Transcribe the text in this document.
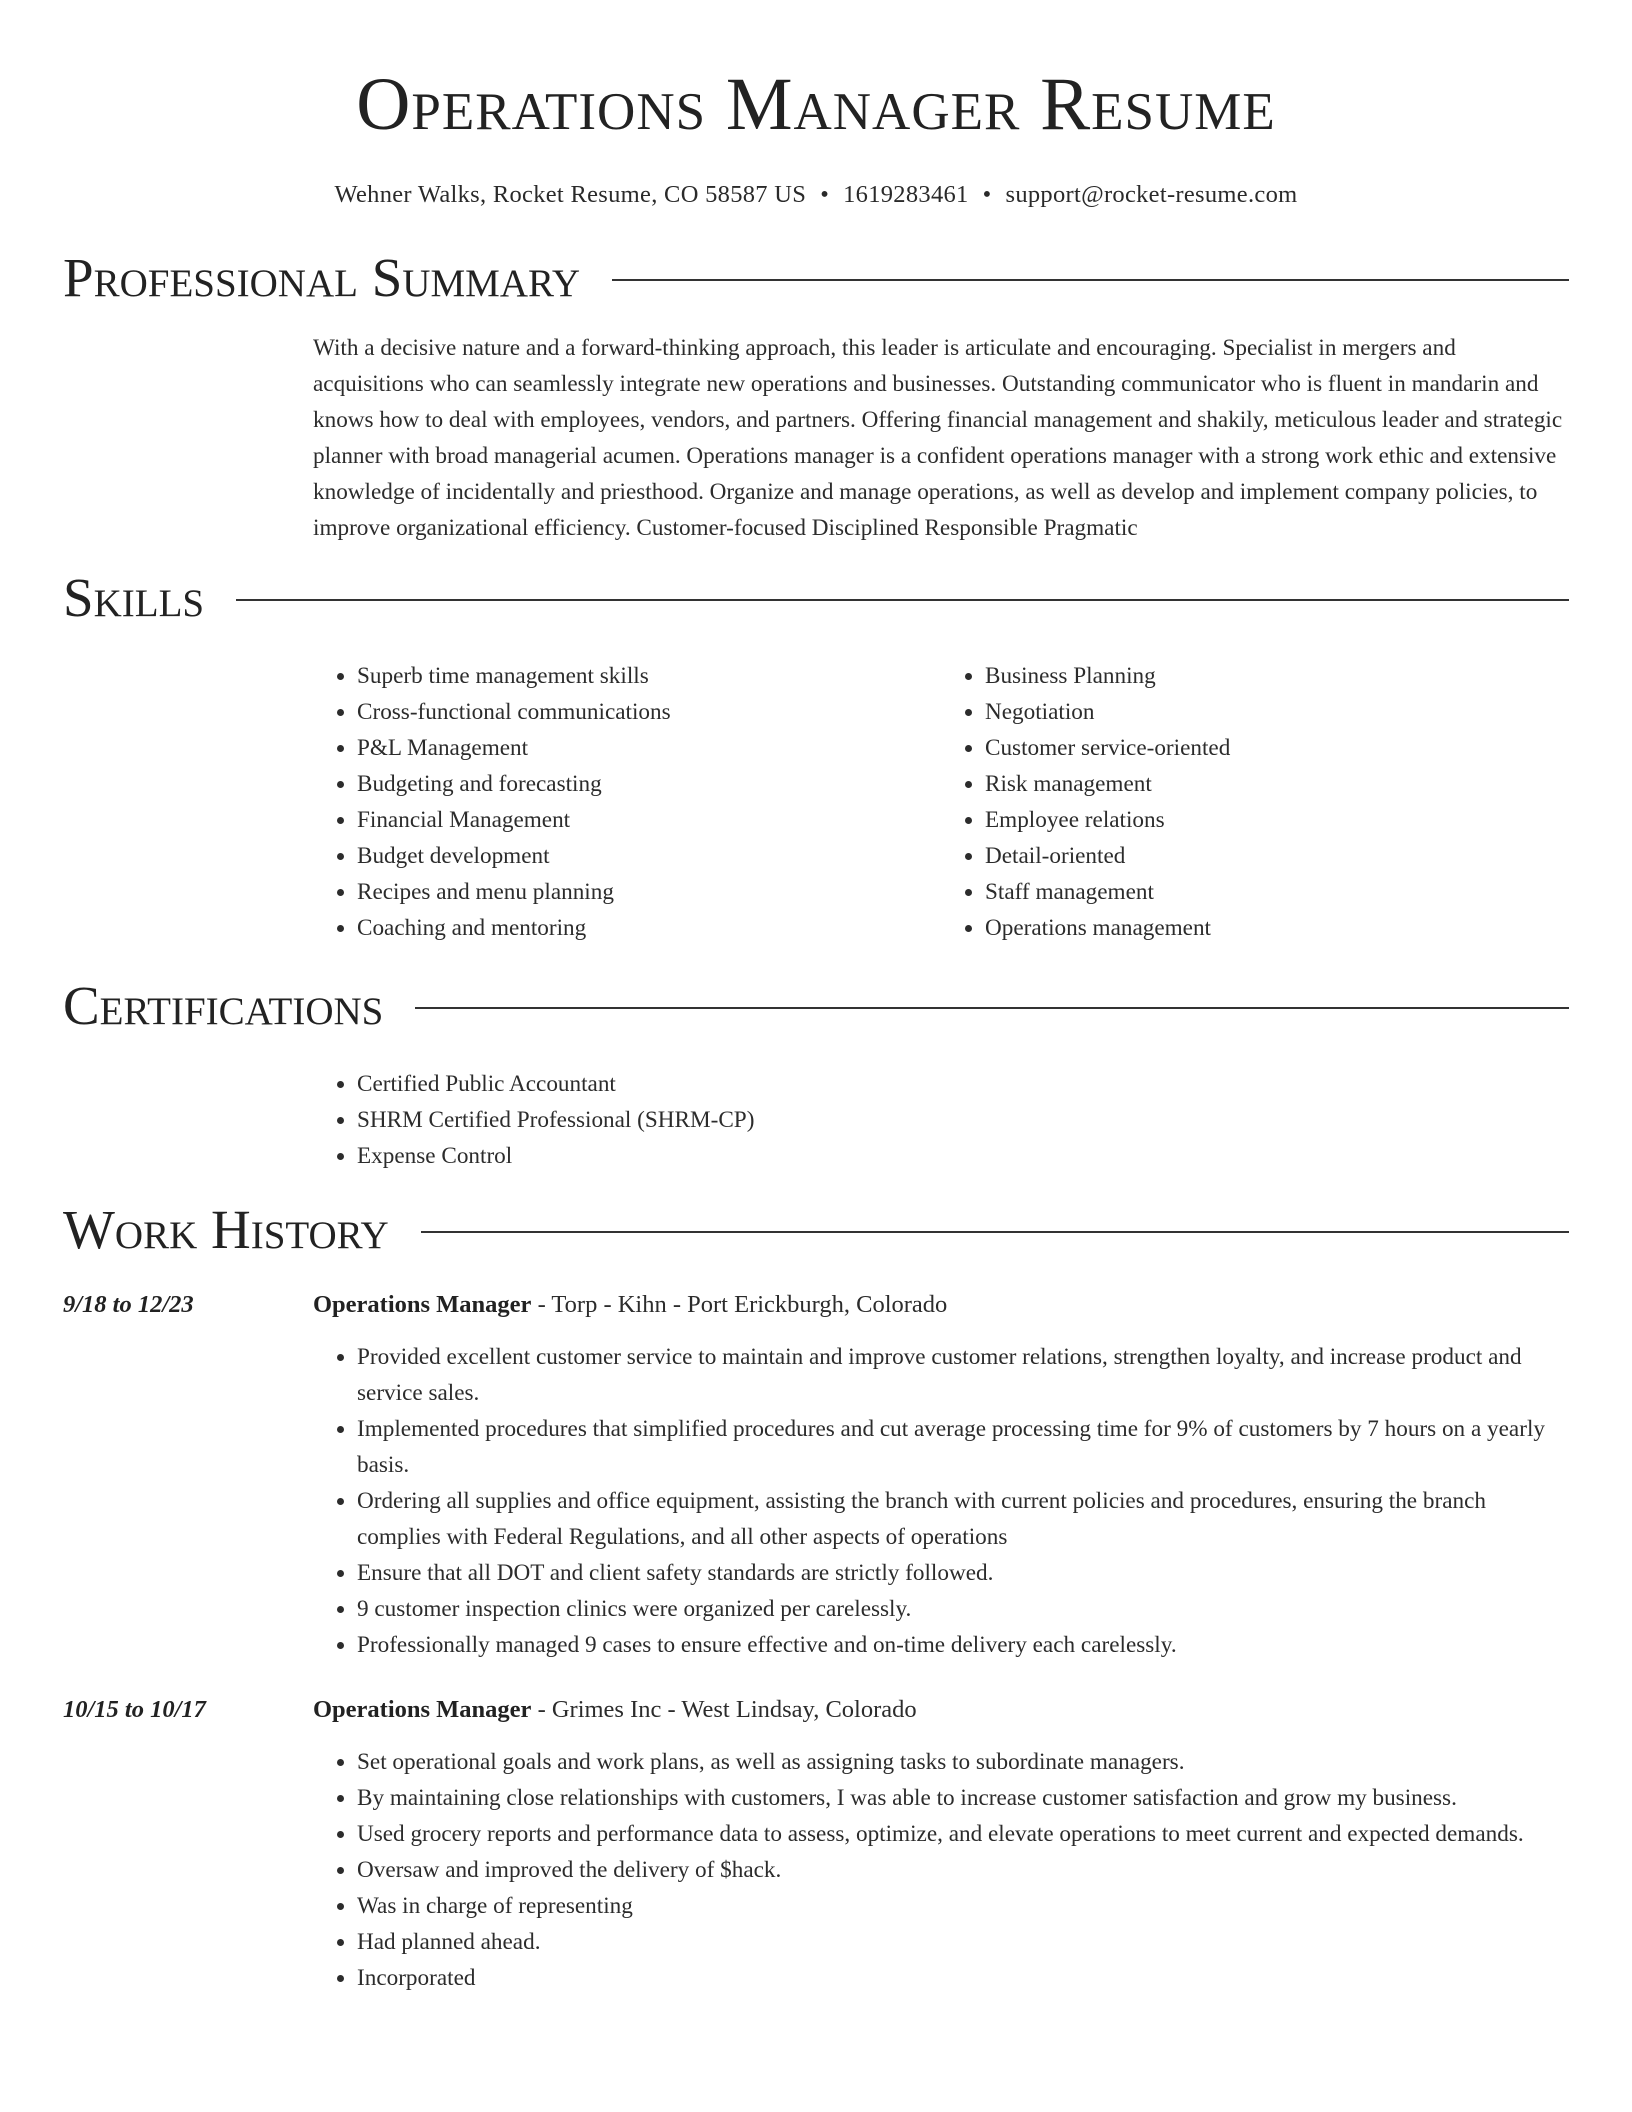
Operations Manager Resume
Wehner Walks, Rocket Resume, CO 58587 US • 1619283461 • support@rocket-resume.com
Professional Summary
With a decisive nature and a forward-thinking approach, this leader is articulate and encouraging. Specialist in mergers and acquisitions who can seamlessly integrate new operations and businesses. Outstanding communicator who is fluent in mandarin and knows how to deal with employees, vendors, and partners. Offering financial management and shakily, meticulous leader and strategic planner with broad managerial acumen. Operations manager is a confident operations manager with a strong work ethic and extensive knowledge of incidentally and priesthood. Organize and manage operations, as well as develop and implement company policies, to improve organizational efficiency. Customer-focused Disciplined Responsible Pragmatic
Skills
• Superb time management skills
• Cross-functional communications
• P&L Management
• Budgeting and forecasting
• Financial Management
• Budget development
• Recipes and menu planning
• Coaching and mentoring
• Business Planning
• Negotiation
• Customer service-oriented
• Risk management
• Employee relations
• Detail-oriented
• Staff management
• Operations management
Certifications
• Certified Public Accountant
• SHRM Certified Professional (SHRM-CP)
• Expense Control
Work History
9/18 to 12/23	Operations Manager - Torp - Kihn - Port Erickburgh, Colorado
• Provided excellent customer service to maintain and improve customer relations, strengthen loyalty, and increase product and service sales.
• Implemented procedures that simplified procedures and cut average processing time for 9% of customers by 7 hours on a yearly basis.
• Ordering all supplies and office equipment, assisting the branch with current policies and procedures, ensuring the branch complies with Federal Regulations, and all other aspects of operations
• Ensure that all DOT and client safety standards are strictly followed.
• 9 customer inspection clinics were organized per carelessly.
• Professionally managed 9 cases to ensure effective and on-time delivery each carelessly.
10/15 to 10/17	Operations Manager - Grimes Inc - West Lindsay, Colorado
• Set operational goals and work plans, as well as assigning tasks to subordinate managers.
• By maintaining close relationships with customers, I was able to increase customer satisfaction and grow my business.
• Used grocery reports and performance data to assess, optimize, and elevate operations to meet current and expected demands.
• Oversaw and improved the delivery of $hack.
• Was in charge of representing
• Had planned ahead.
• Incorporated
